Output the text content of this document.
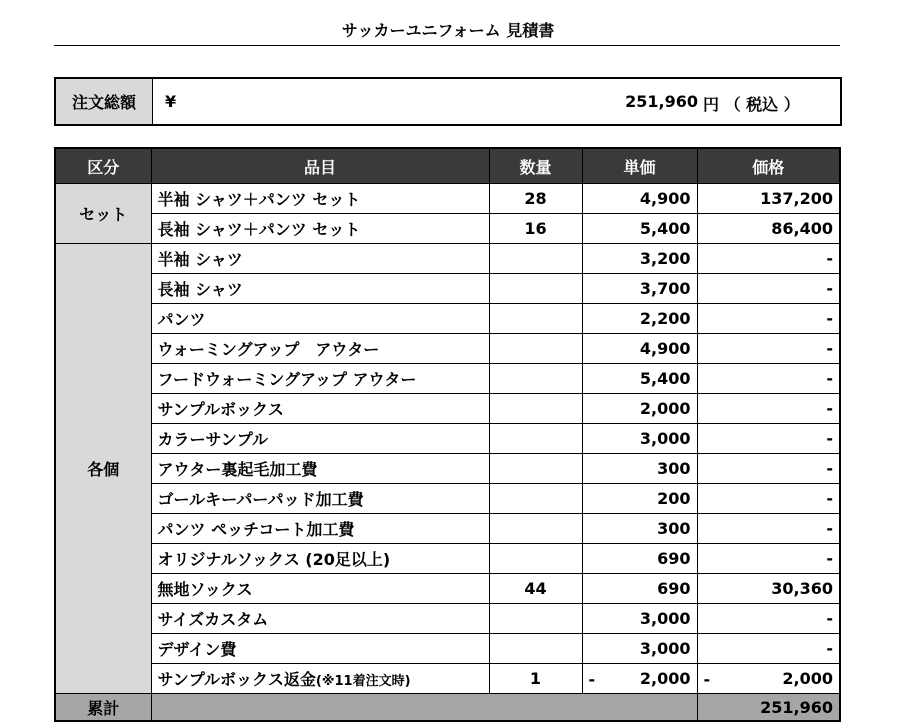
サッカーユニフォーム 見積書
注文総額	¥	251,960 円 （ 税込 ）
区分	品目	数量	単価	価格
セット	半袖 シャツ＋パンツ セット	28	4,900	137,200
	長袖 シャツ＋パンツ セット	16	5,400	86,400
各個	半袖 シャツ		3,200	-
	長袖 シャツ		3,700	-
	パンツ		2,200	-
	ウォーミングアップ　アウター		4,900	-
	フードウォーミングアップ アウター		5,400	-
	サンプルボックス		2,000	-
	カラーサンプル		3,000	-
	アウター裏起毛加工費		300	-
	ゴールキーパーパッド加工費		200	-
	パンツ ペッチコート加工費		300	-
	オリジナルソックス (20足以上)		690	-
	無地ソックス	44	690	30,360
	サイズカスタム		3,000	-
	デザイン費		3,000	-
	サンプルボックス返金(※11着注文時)	1	- 2,000	- 2,000
累計				251,960
